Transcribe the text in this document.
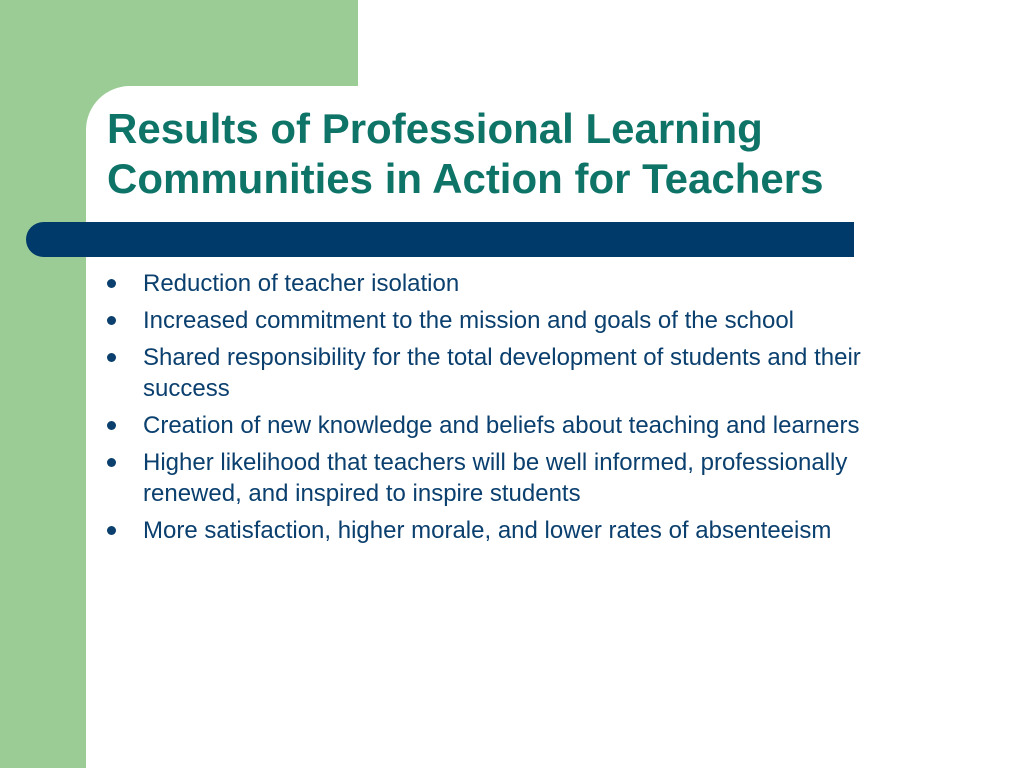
Results of Professional Learning
Communities in Action for Teachers
Reduction of teacher isolation
Increased commitment to the mission and goals of the school
Shared responsibility for the total development of students and their success
Creation of new knowledge and beliefs about teaching and learners
Higher likelihood that teachers will be well informed, professionally renewed, and inspired to inspire students
More satisfaction, higher morale, and lower rates of absenteeism
